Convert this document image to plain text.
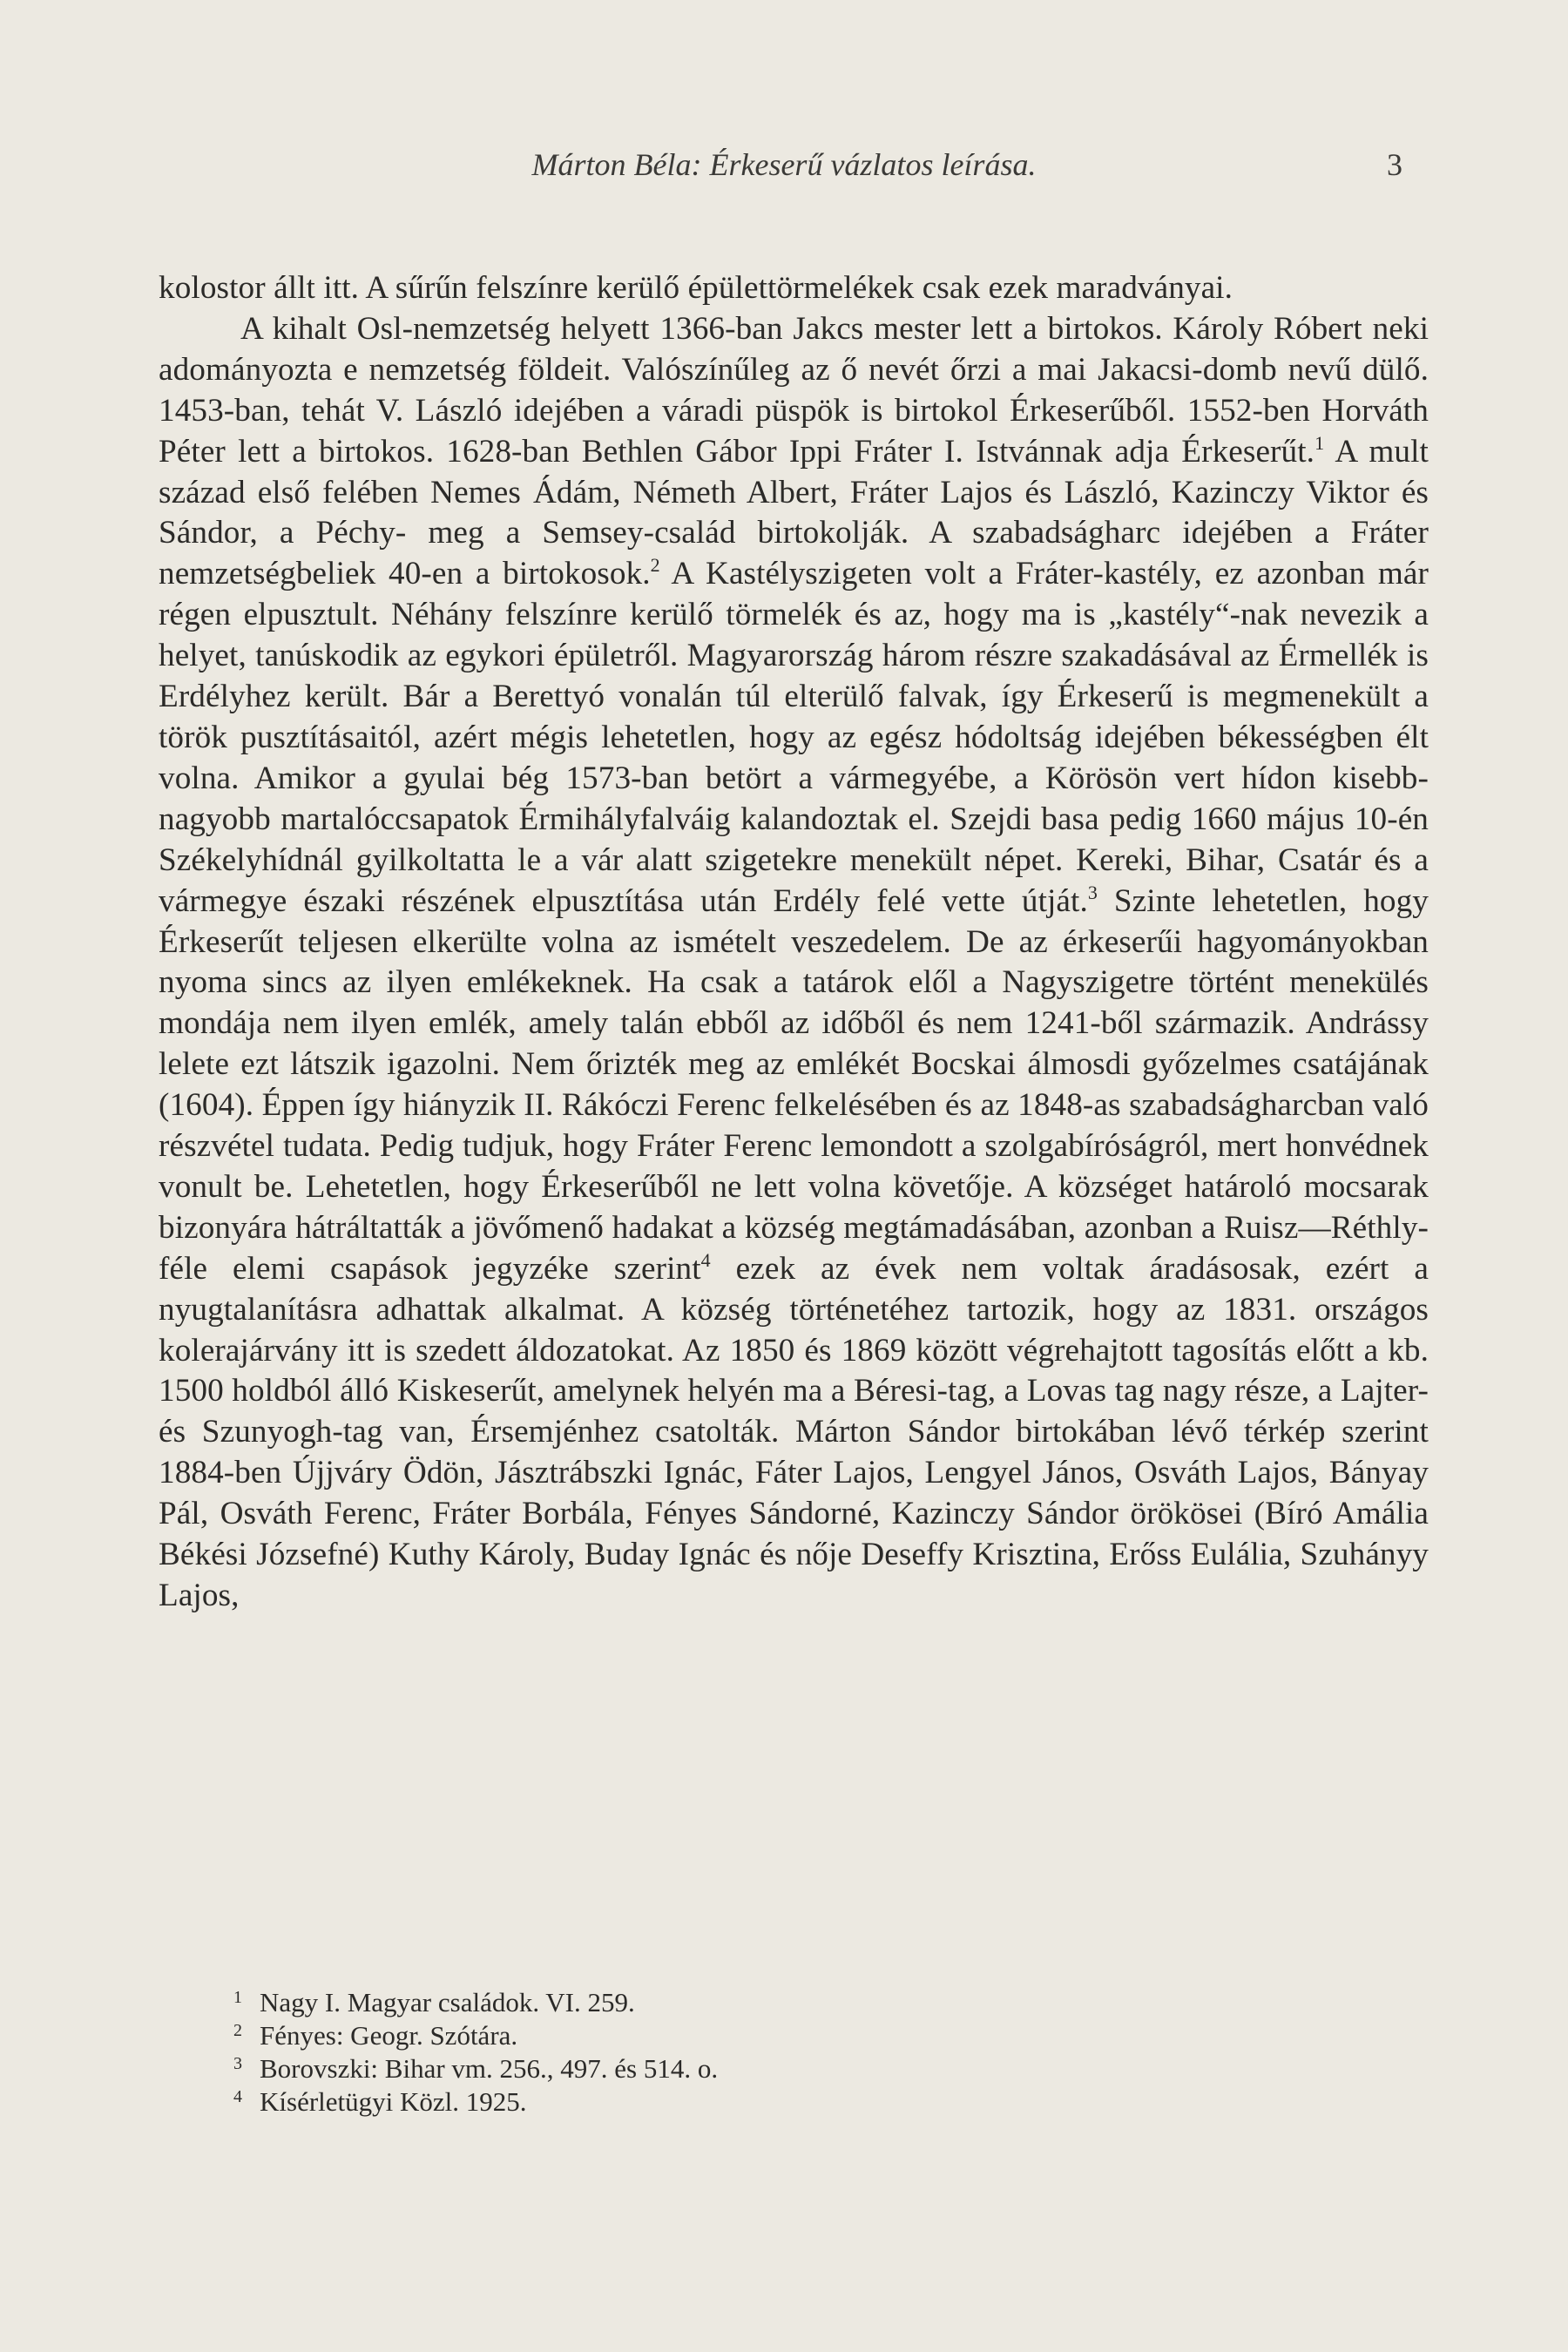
Márton Béla: Érkeserű vázlatos leírása.	3

kolostor állt itt. A sűrűn felszínre kerülő épülettörmelékek csak ezek maradványai.

A kihalt Osl-nemzetség helyett 1366-ban Jakcs mester lett a birtokos. Károly Róbert neki adományozta e nemzetség földeit. Valószínűleg az ő nevét őrzi a mai Jakacsi-domb nevű dülő. 1453-ban, tehát V. László idejében a váradi püspök is birtokol Érkeserűből. 1552-ben Horváth Péter lett a birtokos. 1628-ban Bethlen Gábor Ippi Fráter I. Istvánnak adja Érkeserűt.$^1$ A mult század első felében Nemes Ádám, Németh Albert, Fráter Lajos és László, Kazinczy Viktor és Sándor, a Péchy- meg a Semsey-család birtokolják. A szabadságharc idejében a Fráter nemzetségbeliek 40-en a birtokosok.$^2$ A Kastélyszigeten volt a Fráter-kastély, ez azonban már régen elpusztult. Néhány felszínre kerülő törmelék és az, hogy ma is „kastély“-nak nevezik a helyet, tanúskodik az egykori épületről. Magyarország három részre szakadásával az Érmellék is Erdélyhez került. Bár a Berettyó vonalán túl elterülő falvak, így Érkeserű is megmenekült a török pusztításaitól, azért mégis lehetetlen, hogy az egész hódoltság idejében békességben élt volna. Amikor a gyulai bég 1573-ban betört a vármegyébe, a Körösön vert hídon kisebb-nagyobb martalóccsapatok Érmihályfalváig kalandoztak el. Szejdi basa pedig 1660 május 10-én Székelyhídnál gyilkoltatta le a vár alatt szigetekre menekült népet. Kereki, Bihar, Csatár és a vármegye északi részének elpusztítása után Erdély felé vette útját.$^3$ Szinte lehetetlen, hogy Érkeserűt teljesen elkerülte volna az ismételt veszedelem. De az érkeserűi hagyományokban nyoma sincs az ilyen emlékeknek. Ha csak a tatárok elől a Nagyszigetre történt menekülés mondája nem ilyen emlék, amely talán ebből az időből és nem 1241-ből származik. Andrássy lelete ezt látszik igazolni. Nem őrizték meg az emlékét Bocskai álmosdi győzelmes csatájának (1604). Éppen így hiányzik II. Rákóczi Ferenc felkelésében és az 1848-as szabadságharcban való részvétel tudata. Pedig tudjuk, hogy Fráter Ferenc lemondott a szolgabíróságról, mert honvédnek vonult be. Lehetetlen, hogy Érkeserűből ne lett volna követője. A községet határoló mocsarak bizonyára hátráltatták a jövőmenő hadakat a község megtámadásában, azonban a Ruisz—Réthly-féle elemi csapások jegyzéke szerint$^4$ ezek az évek nem voltak áradásosak, ezért a nyugtalanításra adhattak alkalmat. A község történetéhez tartozik, hogy az 1831. országos kolerajárvány itt is szedett áldozatokat. Az 1850 és 1869 között végrehajtott tagosítás előtt a kb. 1500 holdból álló Kiskeserűt, amelynek helyén ma a Béresi-tag, a Lovas tag nagy része, a Lajter- és Szunyogh-tag van, Érsemjénhez csatolták. Márton Sándor birtokában lévő térkép szerint 1884-ben Újjváry Ödön, Jásztrábszki Ignác, Fáter Lajos, Lengyel János, Osváth Lajos, Bányay Pál, Osváth Ferenc, Fráter Borbála, Fényes Sándorné, Kazinczy Sándor örökösei (Bíró Amália Békési Józsefné) Kuthy Károly, Buday Ignác és nője Deseffy Krisztina, Erőss Eulália, Szuhányy Lajos,

1 Nagy I. Magyar családok. VI. 259.
2 Fényes: Geogr. Szótára.
3 Borovszki: Bihar vm. 256., 497. és 514. o.
4 Kísérletügyi Közl. 1925.
